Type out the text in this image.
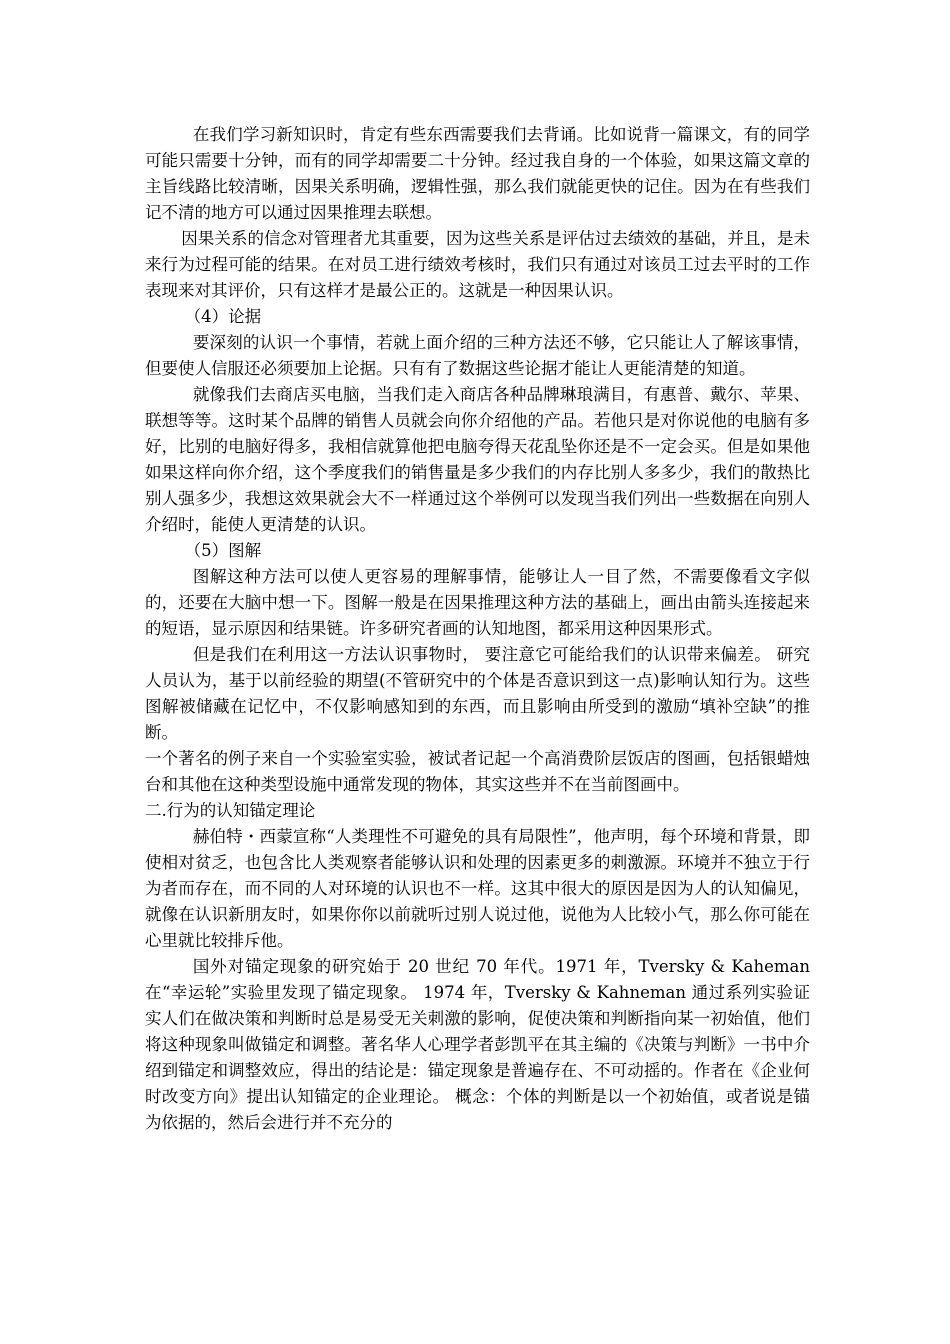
在我们学习新知识时，肯定有些东西需要我们去背诵。比如说背一篇课文，有的同学可能只需要十分钟，而有的同学却需要二十分钟。经过我自身的一个体验，如果这篇文章的主旨线路比较清晰，因果关系明确，逻辑性强，那么我们就能更快的记住。因为在有些我们记不清的地方可以通过因果推理去联想。

因果关系的信念对管理者尤其重要，因为这些关系是评估过去绩效的基础，并且，是未来行为过程可能的结果。在对员工进行绩效考核时，我们只有通过对该员工过去平时的工作表现来对其评价，只有这样才是最公正的。这就是一种因果认识。

（4）论据

要深刻的认识一个事情，若就上面介绍的三种方法还不够，它只能让人了解该事情，但要使人信服还必须要加上论据。只有有了数据这些论据才能让人更能清楚的知道。

就像我们去商店买电脑，当我们走入商店各种品牌琳琅满目，有惠普、戴尔、苹果、联想等等。这时某个品牌的销售人员就会向你介绍他的产品。若他只是对你说他的电脑有多好，比别的电脑好得多，我相信就算他把电脑夸得天花乱坠你还是不一定会买。但是如果他如果这样向你介绍，这个季度我们的销售量是多少我们的内存比别人多多少，我们的散热比别人强多少，我想这效果就会大不一样通过这个举例可以发现当我们列出一些数据在向别人介绍时，能使人更清楚的认识。

（5）图解

图解这种方法可以使人更容易的理解事情，能够让人一目了然，不需要像看文字似的，还要在大脑中想一下。图解一般是在因果推理这种方法的基础上，画出由箭头连接起来的短语，显示原因和结果链。许多研究者画的认知地图，都采用这种因果形式。

但是我们在利用这一方法认识事物时， 要注意它可能给我们的认识带来偏差。 研究人员认为，基于以前经验的期望(不管研究中的个体是否意识到这一点)影响认知行为。这些图解被储藏在记忆中，不仅影响感知到的东西，而且影响由所受到的激励“填补空缺”的推断。

一个著名的例子来自一个实验室实验，被试者记起一个高消费阶层饭店的图画，包括银蜡烛台和其他在这种类型设施中通常发现的物体，其实这些并不在当前图画中。

二.行为的认知锚定理论

赫伯特・西蒙宣称“人类理性不可避免的具有局限性”，他声明，每个环境和背景，即使相对贫乏，也包含比人类观察者能够认识和处理的因素更多的刺激源。环境并不独立于行为者而存在，而不同的人对环境的认识也不一样。这其中很大的原因是因为人的认知偏见，就像在认识新朋友时，如果你你以前就听过别人说过他，说他为人比较小气，那么你可能在心里就比较排斥他。

国外对锚定现象的研究始于 20 世纪 70 年代。1971 年，Tversky & Kaheman 在“幸运轮”实验里发现了锚定现象。 1974 年，Tversky & Kahneman 通过系列实验证实人们在做决策和判断时总是易受无关刺激的影响，促使决策和判断指向某一初始值，他们将这种现象叫做锚定和调整。著名华人心理学者彭凯平在其主编的《决策与判断》一书中介绍到锚定和调整效应，得出的结论是：锚定现象是普遍存在、不可动摇的。作者在《企业何时改变方向》提出认知锚定的企业理论。 概念：个体的判断是以一个初始值，或者说是锚为依据的，然后会进行并不充分的
